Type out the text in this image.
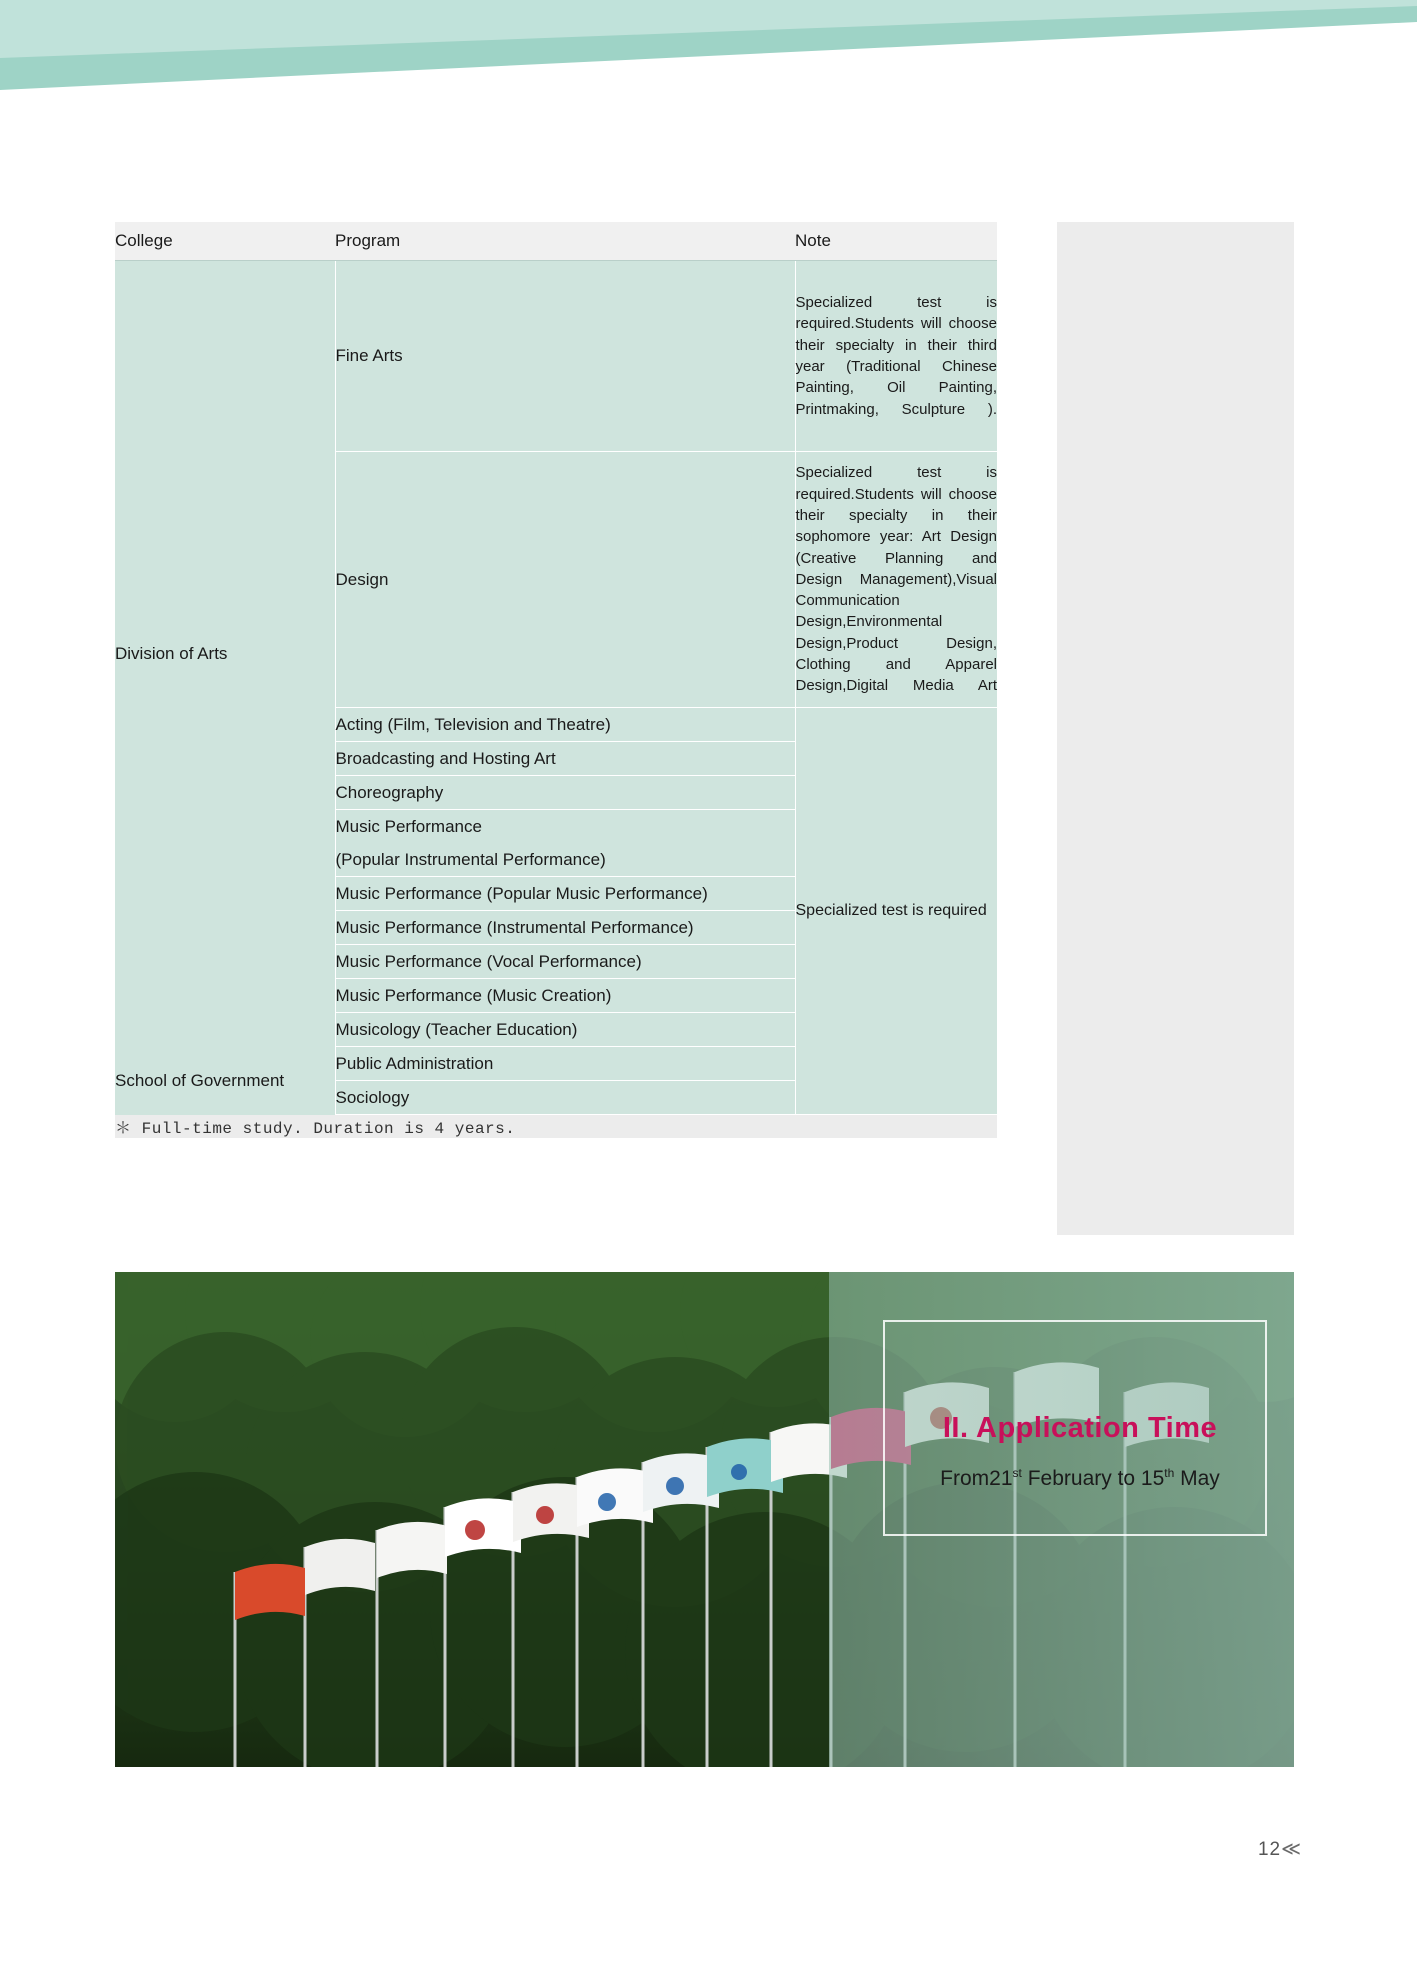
College	Program	Note
Division of Arts	Fine Arts	Specialized test is required.Students will choose their specialty in their third year (Traditional Chinese Painting, Oil Painting, Printmaking, Sculpture ).
	Design	Specialized test is required.Students will choose their specialty in their sophomore year: Art Design (Creative Planning and Design Management),Visual Communication Design,Environmental Design,Product Design, Clothing and Apparel Design,Digital Media Art
	Acting (Film, Television and Theatre)	Specialized test is required
	Broadcasting and Hosting Art	
	Choreography	
	Music Performance	
	(Popular Instrumental Performance)	
	Music Performance (Popular Music Performance)	
	Music Performance (Instrumental Performance)	
	Music Performance (Vocal Performance)	
	Music Performance (Music Creation)	
	Musicology (Teacher Education)	
School of Government	Public Administration	
	Sociology	
＊ Full-time study. Duration is 4 years.		
II. Application Time
From21st February to 15th May
12≪
